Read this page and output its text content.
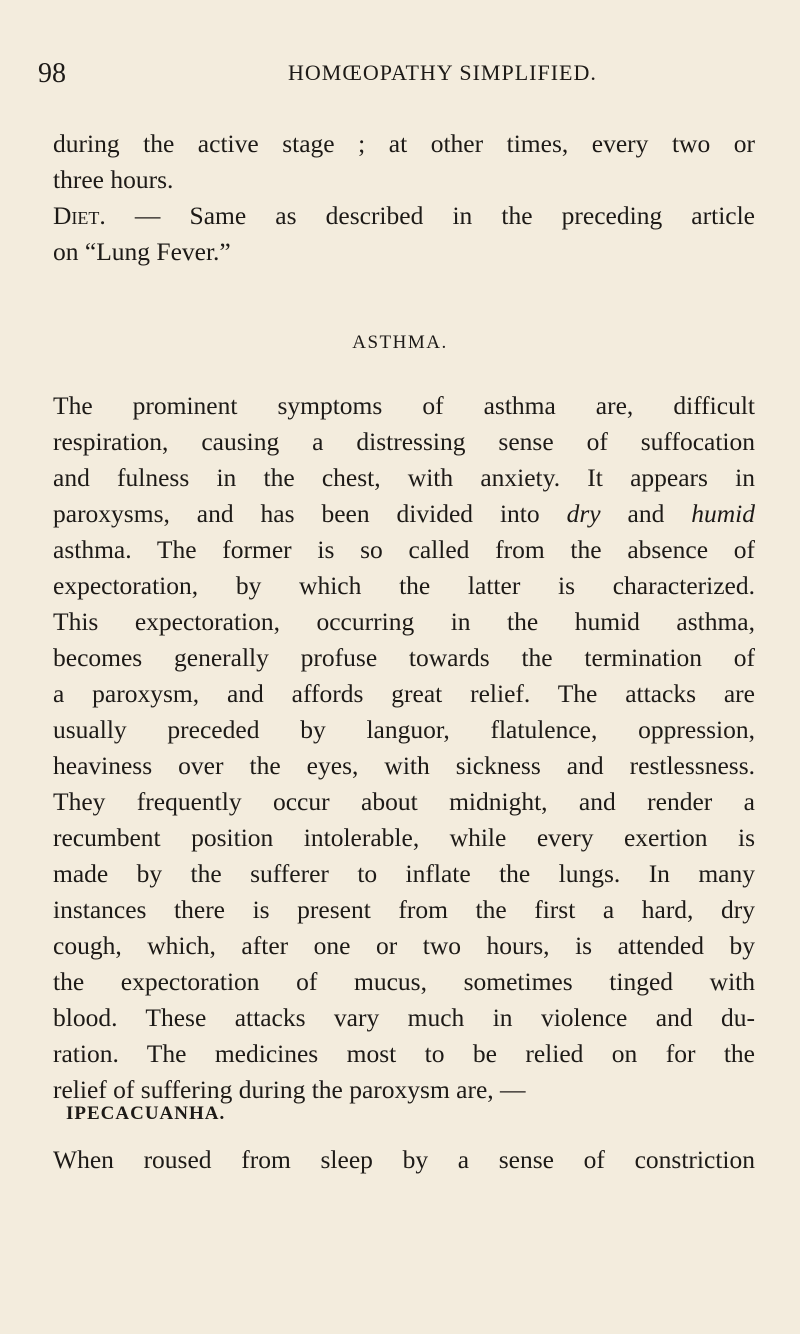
98	HOMŒOPATHY SIMPLIFIED.
during the active stage ; at other times, every two or
three hours.
Diet. — Same as described in the preceding article
on “Lung Fever.”
ASTHMA.
The prominent symptoms of asthma are, difficult
respiration, causing a distressing sense of suffocation
and fulness in the chest, with anxiety. It appears in
paroxysms, and has been divided into dry and humid
asthma. The former is so called from the absence of
expectoration, by which the latter is characterized.
This expectoration, occurring in the humid asthma,
becomes generally profuse towards the termination of
a paroxysm, and affords great relief. The attacks are
usually preceded by languor, flatulence, oppression,
heaviness over the eyes, with sickness and restlessness.
They frequently occur about midnight, and render a
recumbent position intolerable, while every exertion is
made by the sufferer to inflate the lungs. In many
instances there is present from the first a hard, dry
cough, which, after one or two hours, is attended by
the expectoration of mucus, sometimes tinged with
blood. These attacks vary much in violence and du-
ration. The medicines most to be relied on for the
relief of suffering during the paroxysm are, —
IPECACUANHA.
When roused from sleep by a sense of constriction
